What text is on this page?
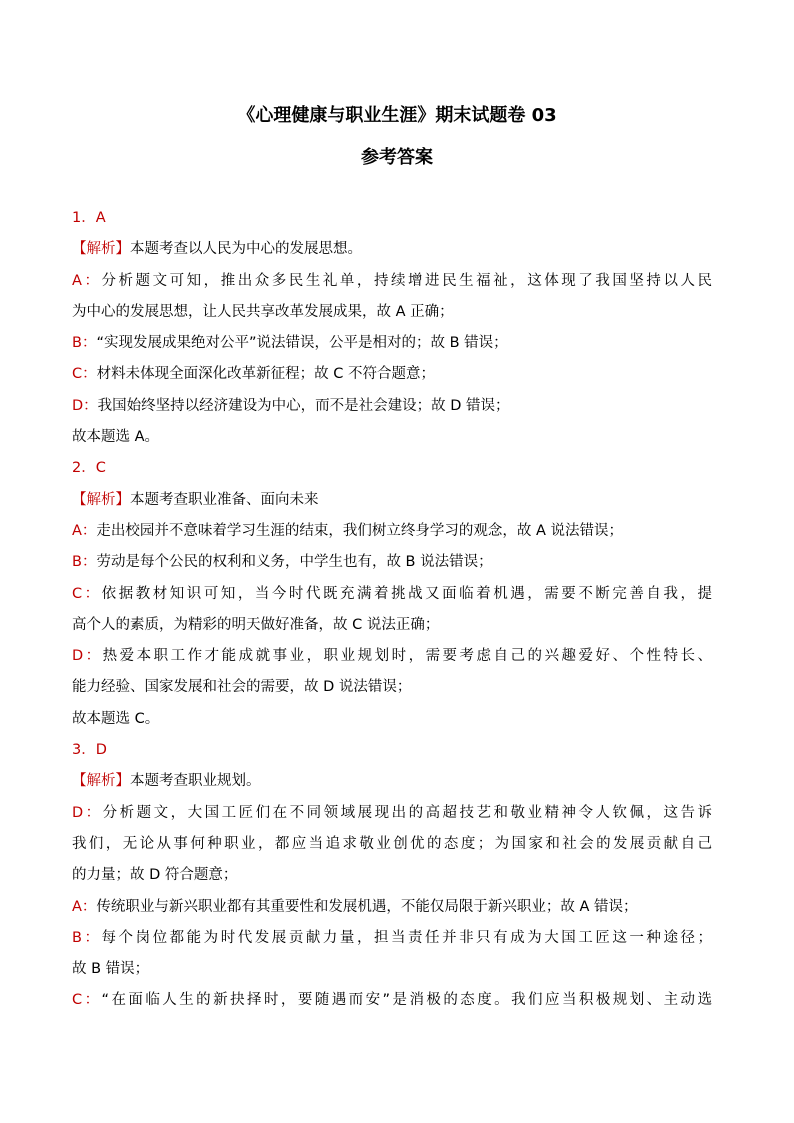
《心理健康与职业生涯》期末试题卷 03
参考答案
1．A
【解析】本题考查以人民为中心的发展思想。
A：分析题文可知，推出众多民生礼单，持续增进民生福祉，这体现了我国坚持以人民
为中心的发展思想，让人民共享改革发展成果，故 A 正确；
B：“实现发展成果绝对公平”说法错误，公平是相对的；故 B 错误；
C：材料未体现全面深化改革新征程；故 C 不符合题意；
D：我国始终坚持以经济建设为中心，而不是社会建设；故 D 错误；
故本题选 A。
2．C
【解析】本题考查职业准备、面向未来
A：走出校园并不意味着学习生涯的结束，我们树立终身学习的观念，故 A 说法错误；
B：劳动是每个公民的权利和义务，中学生也有，故 B 说法错误；
C：依据教材知识可知，当今时代既充满着挑战又面临着机遇，需要不断完善自我，提
高个人的素质，为精彩的明天做好准备，故 C 说法正确；
D：热爱本职工作才能成就事业，职业规划时，需要考虑自己的兴趣爱好、个性特长、
能力经验、国家发展和社会的需要，故 D 说法错误；
故本题选 C。
3．D
【解析】本题考查职业规划。
D：分析题文，大国工匠们在不同领域展现出的高超技艺和敬业精神令人钦佩，这告诉
我们，无论从事何种职业，都应当追求敬业创优的态度；为国家和社会的发展贡献自己
的力量；故 D 符合题意；
A：传统职业与新兴职业都有其重要性和发展机遇，不能仅局限于新兴职业；故 A 错误；
B：每个岗位都能为时代发展贡献力量，担当责任并非只有成为大国工匠这一种途径；
故 B 错误；
C：“在面临人生的新抉择时，要随遇而安”是消极的态度。我们应当积极规划、主动选
